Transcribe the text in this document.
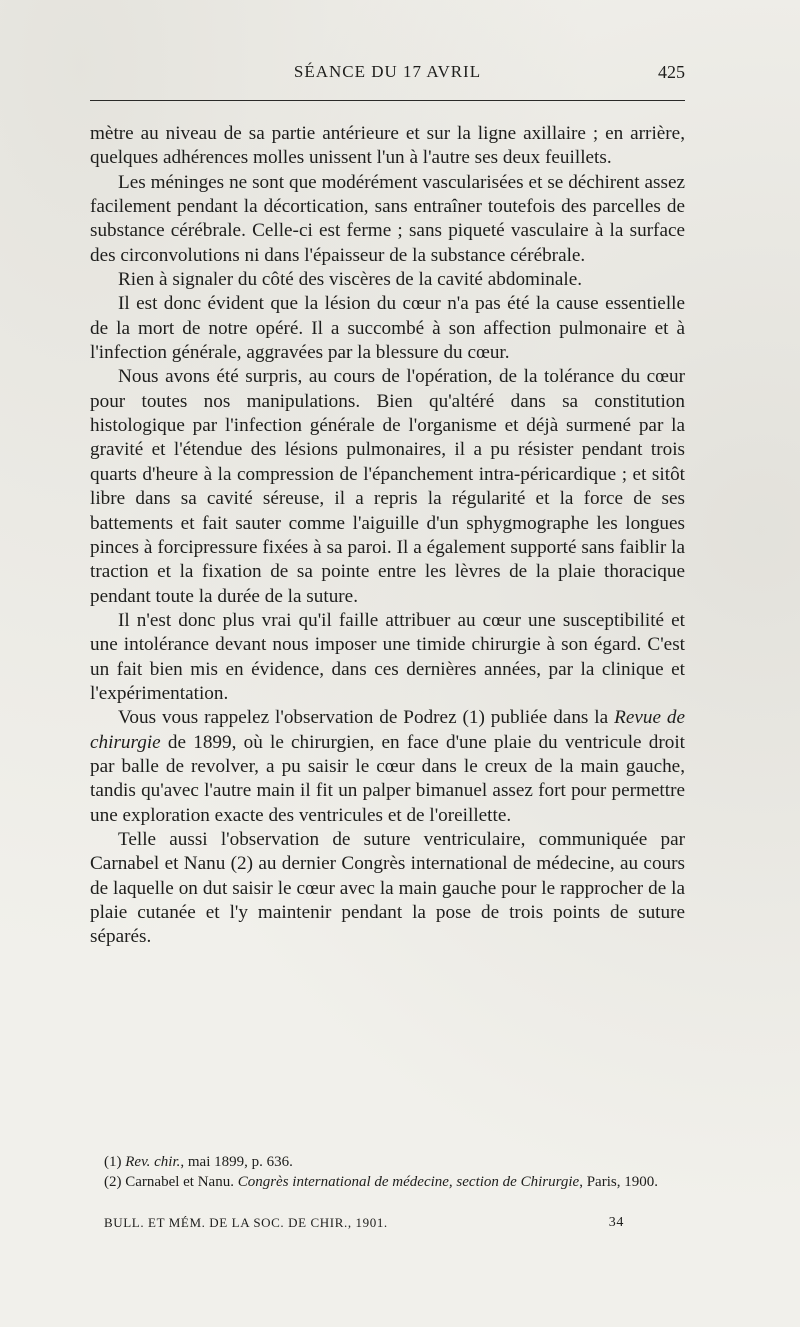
SÉANCE DU 17 AVRIL	425

mètre au niveau de sa partie antérieure et sur la ligne axillaire ; en arrière, quelques adhérences molles unissent l'un à l'autre ses deux feuillets.

Les méninges ne sont que modérément vascularisées et se déchirent assez facilement pendant la décortication, sans entraîner toutefois des parcelles de substance cérébrale. Celle-ci est ferme ; sans piqueté vasculaire à la surface des circonvolutions ni dans l'épaisseur de la substance cérébrale.

Rien à signaler du côté des viscères de la cavité abdominale.

Il est donc évident que la lésion du cœur n'a pas été la cause essentielle de la mort de notre opéré. Il a succombé à son affection pulmonaire et à l'infection générale, aggravées par la blessure du cœur.

Nous avons été surpris, au cours de l'opération, de la tolérance du cœur pour toutes nos manipulations. Bien qu'altéré dans sa constitution histologique par l'infection générale de l'organisme et déjà surmené par la gravité et l'étendue des lésions pulmonaires, il a pu résister pendant trois quarts d'heure à la compression de l'épanchement intra-péricardique ; et sitôt libre dans sa cavité séreuse, il a repris la régularité et la force de ses battements et fait sauter comme l'aiguille d'un sphygmographe les longues pinces à forcipressure fixées à sa paroi. Il a également supporté sans faiblir la traction et la fixation de sa pointe entre les lèvres de la plaie thoracique pendant toute la durée de la suture.

Il n'est donc plus vrai qu'il faille attribuer au cœur une susceptibilité et une intolérance devant nous imposer une timide chirurgie à son égard. C'est un fait bien mis en évidence, dans ces dernières années, par la clinique et l'expérimentation.

Vous vous rappelez l'observation de Podrez (1) publiée dans la Revue de chirurgie de 1899, où le chirurgien, en face d'une plaie du ventricule droit par balle de revolver, a pu saisir le cœur dans le creux de la main gauche, tandis qu'avec l'autre main il fit un palper bimanuel assez fort pour permettre une exploration exacte des ventricules et de l'oreillette.

Telle aussi l'observation de suture ventriculaire, communiquée par Carnabel et Nanu (2) au dernier Congrès international de médecine, au cours de laquelle on dut saisir le cœur avec la main gauche pour le rapprocher de la plaie cutanée et l'y maintenir pendant la pose de trois points de suture séparés.

(1) Rev. chir., mai 1899, p. 636.

(2) Carnabel et Nanu. Congrès international de médecine, section de Chirurgie, Paris, 1900.

BULL. ET MÉM. DE LA SOC. DE CHIR., 1901.	34
